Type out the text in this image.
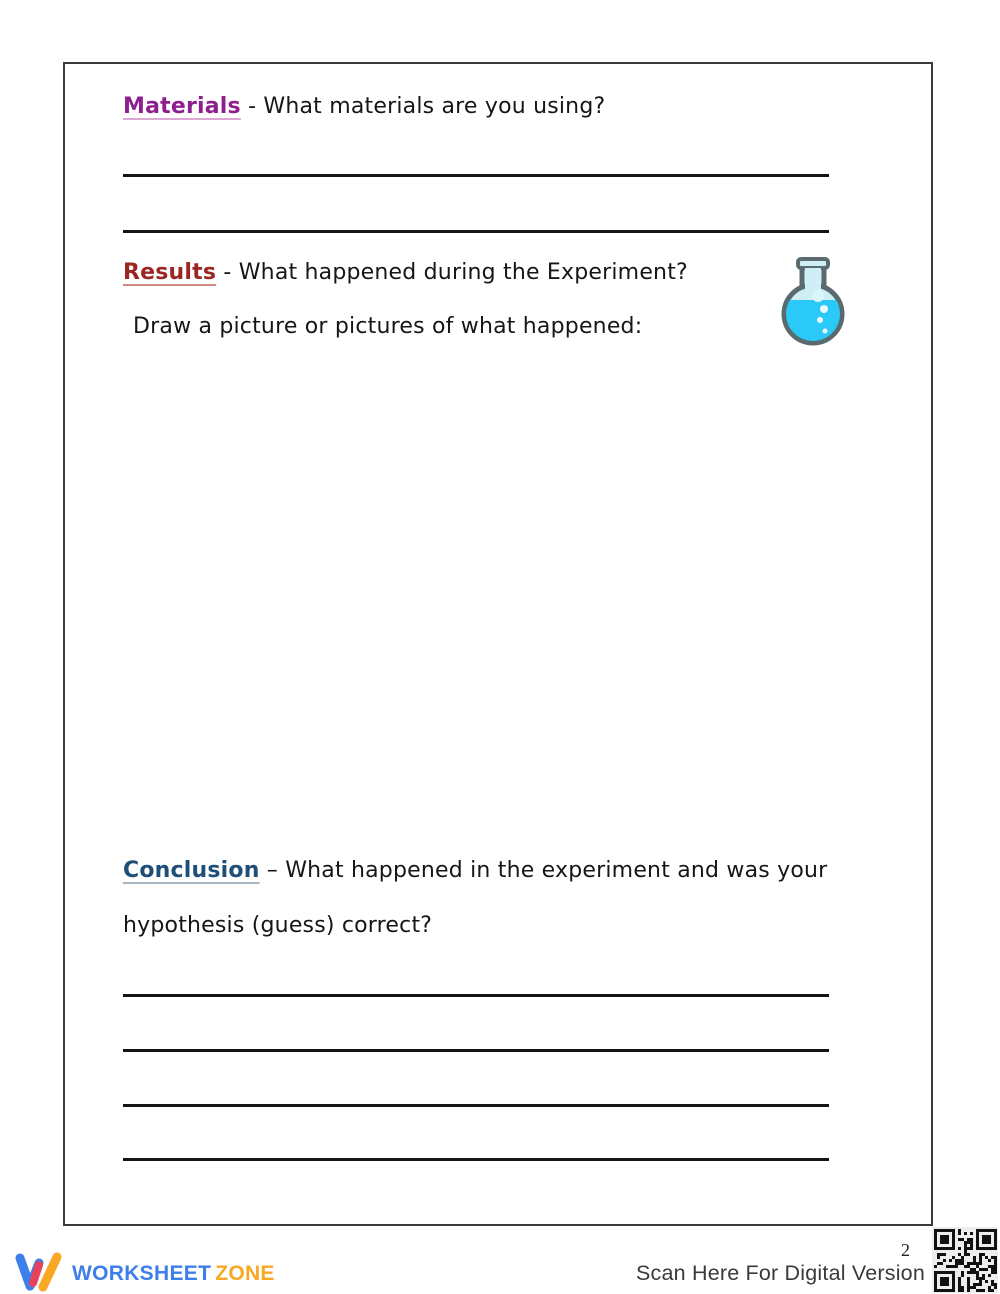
Materials - What materials are you using?
Results - What happened during the Experiment?
Draw a picture or pictures of what happened:
Conclusion – What happened in the experiment and was your
hypothesis (guess) correct?
WORKSHEET ZONE
2
Scan Here For Digital Version
